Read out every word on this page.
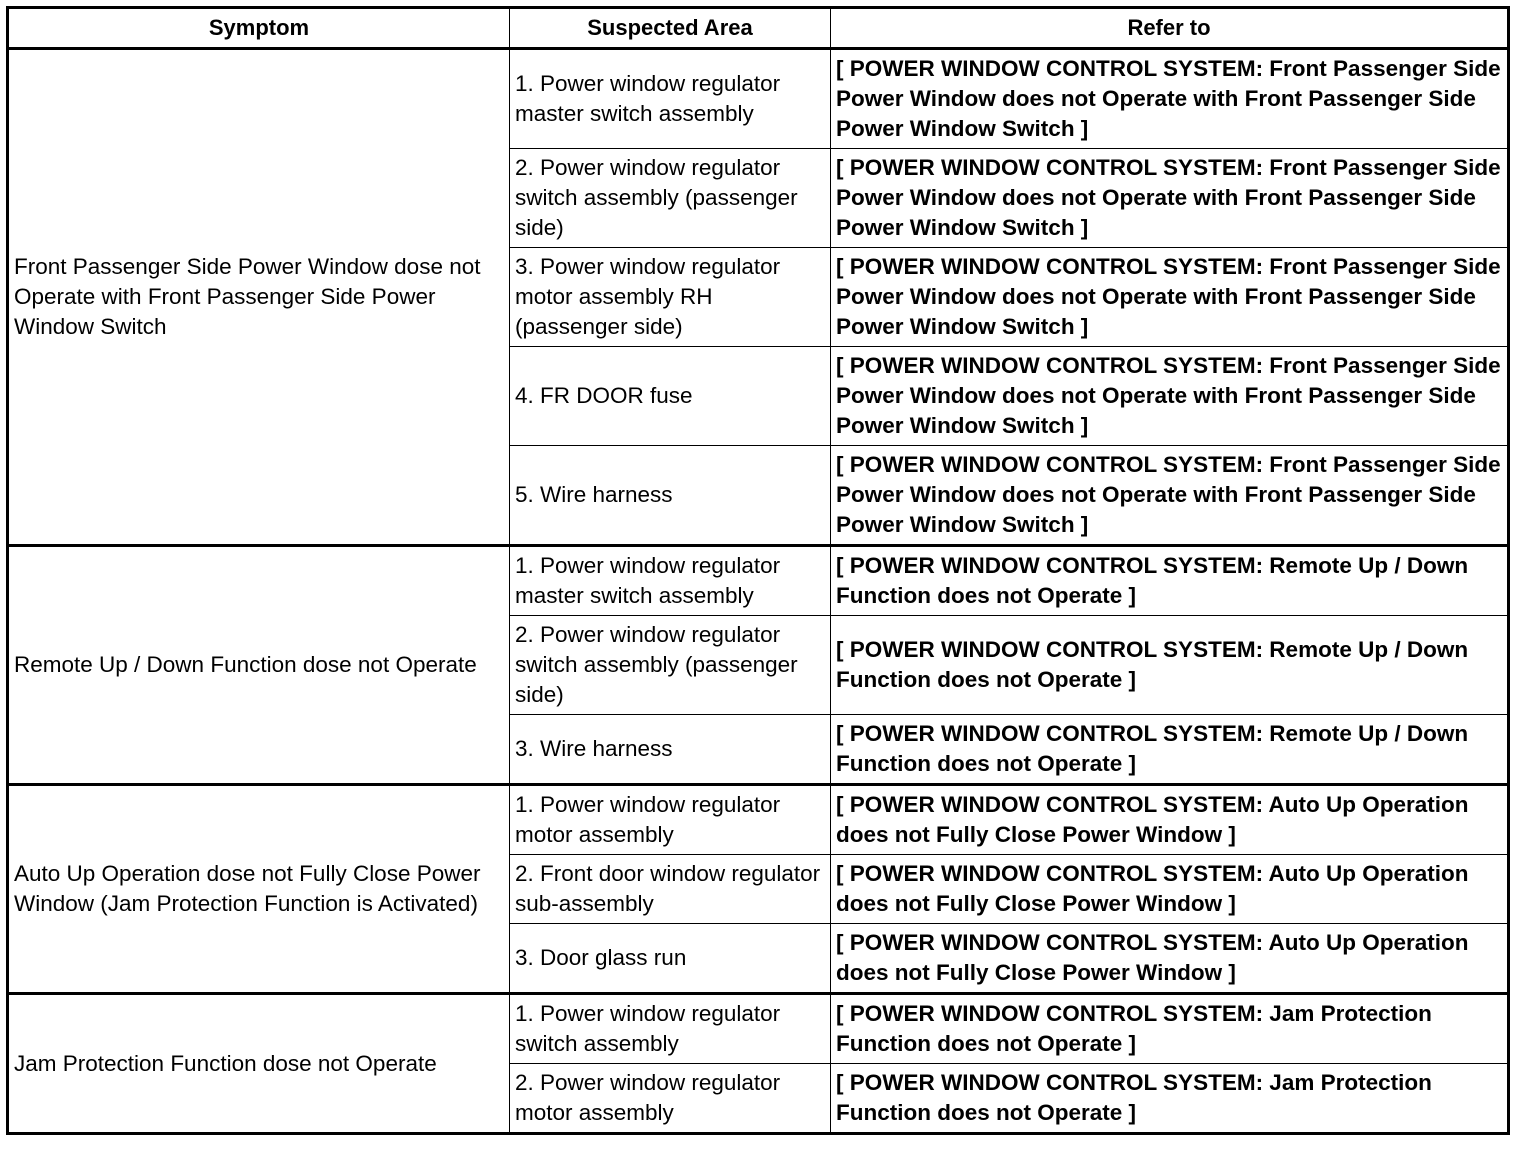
Symptom	Suspected Area	Refer to
Front Passenger Side Power Window dose not Operate with Front Passenger Side Power Window Switch	1. Power window regulator master switch assembly	[ POWER WINDOW CONTROL SYSTEM: Front Passenger Side Power Window does not Operate with Front Passenger Side Power Window Switch ]
	2. Power window regulator switch assembly (passenger side)	[ POWER WINDOW CONTROL SYSTEM: Front Passenger Side Power Window does not Operate with Front Passenger Side Power Window Switch ]
	3. Power window regulator motor assembly RH (passenger side)	[ POWER WINDOW CONTROL SYSTEM: Front Passenger Side Power Window does not Operate with Front Passenger Side Power Window Switch ]
	4. FR DOOR fuse	[ POWER WINDOW CONTROL SYSTEM: Front Passenger Side Power Window does not Operate with Front Passenger Side Power Window Switch ]
	5. Wire harness	[ POWER WINDOW CONTROL SYSTEM: Front Passenger Side Power Window does not Operate with Front Passenger Side Power Window Switch ]
Remote Up / Down Function dose not Operate	1. Power window regulator master switch assembly	[ POWER WINDOW CONTROL SYSTEM: Remote Up / Down Function does not Operate ]
	2. Power window regulator switch assembly (passenger side)	[ POWER WINDOW CONTROL SYSTEM: Remote Up / Down Function does not Operate ]
	3. Wire harness	[ POWER WINDOW CONTROL SYSTEM: Remote Up / Down Function does not Operate ]
Auto Up Operation dose not Fully Close Power Window (Jam Protection Function is Activated)	1. Power window regulator motor assembly	[ POWER WINDOW CONTROL SYSTEM: Auto Up Operation does not Fully Close Power Window ]
	2. Front door window regulator sub-assembly	[ POWER WINDOW CONTROL SYSTEM: Auto Up Operation does not Fully Close Power Window ]
	3. Door glass run	[ POWER WINDOW CONTROL SYSTEM: Auto Up Operation does not Fully Close Power Window ]
Jam Protection Function dose not Operate	1. Power window regulator switch assembly	[ POWER WINDOW CONTROL SYSTEM: Jam Protection Function does not Operate ]
	2. Power window regulator motor assembly	[ POWER WINDOW CONTROL SYSTEM: Jam Protection Function does not Operate ]
